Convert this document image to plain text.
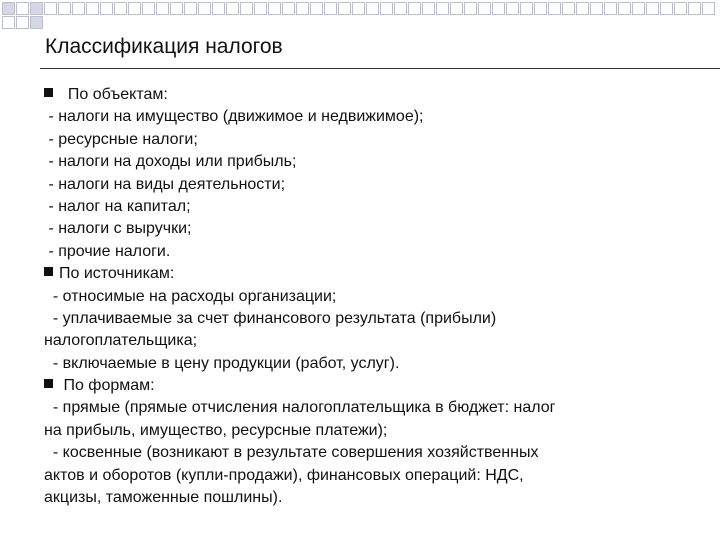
Классификация налогов
По объектам:
- налоги на имущество (движимое и недвижимое);
- ресурсные налоги;
- налоги на доходы или прибыль;
- налоги на виды деятельности;
- налог на капитал;
- налоги с выручки;
- прочие налоги.
По источникам:
- относимые на расходы организации;
- уплачиваемые за счет финансового результата (прибыли)
налогоплательщика;
- включаемые в цену продукции (работ, услуг).
По формам:
- прямые (прямые отчисления налогоплательщика в бюджет: налог
на прибыль, имущество, ресурсные платежи);
- косвенные (возникают в результате совершения хозяйственных
актов и оборотов (купли-продажи), финансовых операций: НДС,
акцизы, таможенные пошлины).
